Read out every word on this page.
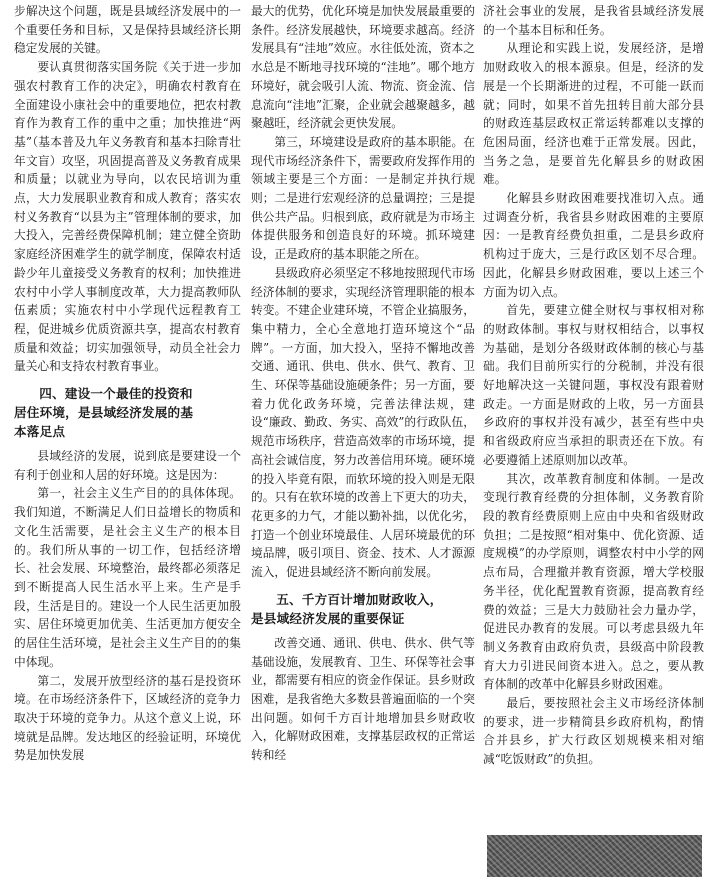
步解决这个问题，既是县域经济发展中的一个重要任务和目标，又是保持县域经济长期稳定发展的关键。

要认真贯彻落实国务院《关于进一步加强农村教育工作的决定》，明确农村教育在全面建设小康社会中的重要地位，把农村教育作为教育工作的重中之重；加快推进“两基”（基本普及九年义务教育和基本扫除青壮年文盲）攻坚，巩固提高普及义务教育成果和质量；以就业为导向，以农民培训为重点，大力发展职业教育和成人教育；落实农村义务教育“以县为主”管理体制的要求，加大投入，完善经费保障机制；建立健全资助家庭经济困难学生的就学制度，保障农村适龄少年儿童接受义务教育的权利；加快推进农村中小学人事制度改革，大力提高教师队伍素质；实施农村中小学现代远程教育工程，促进城乡优质资源共享，提高农村教育质量和效益；切实加强领导，动员全社会力量关心和支持农村教育事业。

四、建设一个最佳的投资和
居住环境，是县域经济发展的基
本落足点

县域经济的发展，说到底是要建设一个有利于创业和人居的好环境。这是因为：

第一，社会主义生产目的的具体体现。我们知道，不断满足人们日益增长的物质和文化生活需要，是社会主义生产的根本目的。我们所从事的一切工作，包括经济增长、社会发展、环境整治，最终都必须落足到不断提高人民生活水平上来。生产是手段，生活是目的。建设一个人民生活更加殷实、居住环境更加优美、生活更加方便安全的居住生活环境，是社会主义生产目的的集中体现。

第二，发展开放型经济的基石是投资环境。在市场经济条件下，区域经济的竞争力取决于环境的竞争力。从这个意义上说，环境就是品牌。发达地区的经验证明，环境优势是加快发展

最大的优势，优化环境是加快发展最重要的条件。经济发展越快，环境要求越高。经济发展具有“洼地”效应。水往低处流，资本之水总是不断地寻找环境的“洼地”。哪个地方环境好，就会吸引人流、物流、资金流、信息流向“洼地”汇聚，企业就会越聚越多，越聚越旺，经济就会更快发展。

第三，环境建设是政府的基本职能。在现代市场经济条件下，需要政府发挥作用的领域主要是三个方面：一是制定并执行规则；二是进行宏观经济的总量调控；三是提供公共产品。归根到底，政府就是为市场主体提供服务和创造良好的环境。抓环境建设，正是政府的基本职能之所在。

县级政府必须坚定不移地按照现代市场经济体制的要求，实现经济管理职能的根本转变。不建企业建环境，不管企业搞服务，集中精力，全心全意地打造环境这个“品牌”。一方面，加大投入，坚持不懈地改善交通、通讯、供电、供水、供气、教育、卫生、环保等基础设施硬条件；另一方面，要着力优化政务环境，完善法律法规，建设“廉政、勤政、务实、高效”的行政队伍，规范市场秩序，营造高效率的市场环境，提高社会诚信度，努力改善信用环境。硬环境的投入毕竟有限，而软环境的投入则是无限的。只有在软环境的改善上下更大的功夫，花更多的力气，才能以勤补拙，以优化劣，打造一个创业环境最佳、人居环境最优的环境品牌，吸引项目、资金、技术、人才源源流入，促进县域经济不断向前发展。

五、千方百计增加财政收入，
是县域经济发展的重要保证

改善交通、通讯、供电、供水、供气等基础设施，发展教育、卫生、环保等社会事业，都需要有相应的资金作保证。县乡财政困难，是我省绝大多数县普遍面临的一个突出问题。如何千方百计地增加县乡财政收入，化解财政困难，支撑基层政权的正常运转和经

济社会事业的发展，是我省县域经济发展的一个基本目标和任务。

从理论和实践上说，发展经济，是增加财政收入的根本源泉。但是，经济的发展是一个长期渐进的过程，不可能一跃而就；同时，如果不首先扭转目前大部分县的财政连基层政权正常运转都难以支撑的危困局面，经济也难于正常发展。因此，当务之急，是要首先化解县乡的财政困难。

化解县乡财政困难要找准切入点。通过调查分析，我省县乡财政困难的主要原因：一是教育经费负担重，二是县乡政府机构过于庞大，三是行政区划不尽合理。因此，化解县乡财政困难，要以上述三个方面为切入点。

首先，要建立健全财权与事权相对称的财政体制。事权与财权相结合，以事权为基础，是划分各级财政体制的核心与基础。我们目前所实行的分税制，并没有很好地解决这一关键问题，事权没有跟着财政走。一方面是财政的上收，另一方面县乡政府的事权并没有减少，甚至有些中央和省级政府应当承担的职责还在下放。有必要遵循上述原则加以改革。

其次，改革教育制度和体制。一是改变现行教育经费的分担体制，义务教育阶段的教育经费原则上应由中央和省级财政负担；二是按照“相对集中、优化资源、适度规模”的办学原则，调整农村中小学的网点布局，合理撤并教育资源，增大学校服务半径，优化配置教育资源，提高教育经费的效益；三是大力鼓励社会力量办学，促进民办教育的发展。可以考虑县级九年制义务教育由政府负责，县级高中阶段教育大力引进民间资本进入。总之，要从教育体制的改革中化解县乡财政困难。

最后，要按照社会主义市场经济体制的要求，进一步精简县乡政府机构，酌情合并县乡，扩大行政区划规模来相对缩减“吃饭财政”的负担。
